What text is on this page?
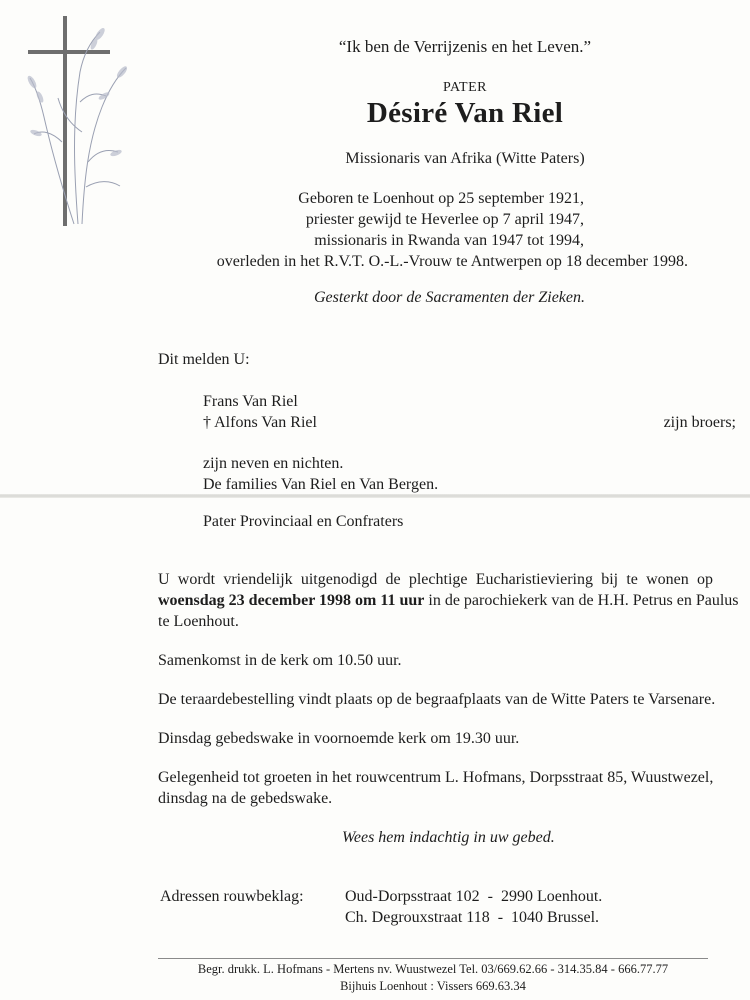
“Ik ben de Verrijzenis en het Leven.”
PATER
Désiré Van Riel
Missionaris van Afrika (Witte Paters)
Geboren te Loenhout op 25 september 1921,
priester gewijd te Heverlee op 7 april 1947,
missionaris in Rwanda van 1947 tot 1994,
overleden in het R.V.T. O.-L.-Vrouw te Antwerpen op 18 december 1998.
Gesterkt door de Sacramenten der Zieken.
Dit melden U:
Frans Van Riel
† Alfons Van Riel	zijn broers;
zijn neven en nichten.
De families Van Riel en Van Bergen.
Pater Provinciaal en Confraters
U wordt vriendelijk uitgenodigd de plechtige Eucharistieviering bij te wonen op
woensdag 23 december 1998 om 11 uur in de parochiekerk van de H.H. Petrus en Paulus
te Loenhout.
Samenkomst in de kerk om 10.50 uur.
De teraardebestelling vindt plaats op de begraafplaats van de Witte Paters te Varsenare.
Dinsdag gebedswake in voornoemde kerk om 19.30 uur.
Gelegenheid tot groeten in het rouwcentrum L. Hofmans, Dorpsstraat 85, Wuustwezel,
dinsdag na de gebedswake.
Wees hem indachtig in uw gebed.
Adressen rouwbeklag:	Oud-Dorpsstraat 102  -  2990 Loenhout.
Ch. Degrouxstraat 118  -  1040 Brussel.
Begr. drukk. L. Hofmans - Mertens nv. Wuustwezel Tel. 03/669.62.66 - 314.35.84 - 666.77.77
Bijhuis Loenhout : Vissers 669.63.34
